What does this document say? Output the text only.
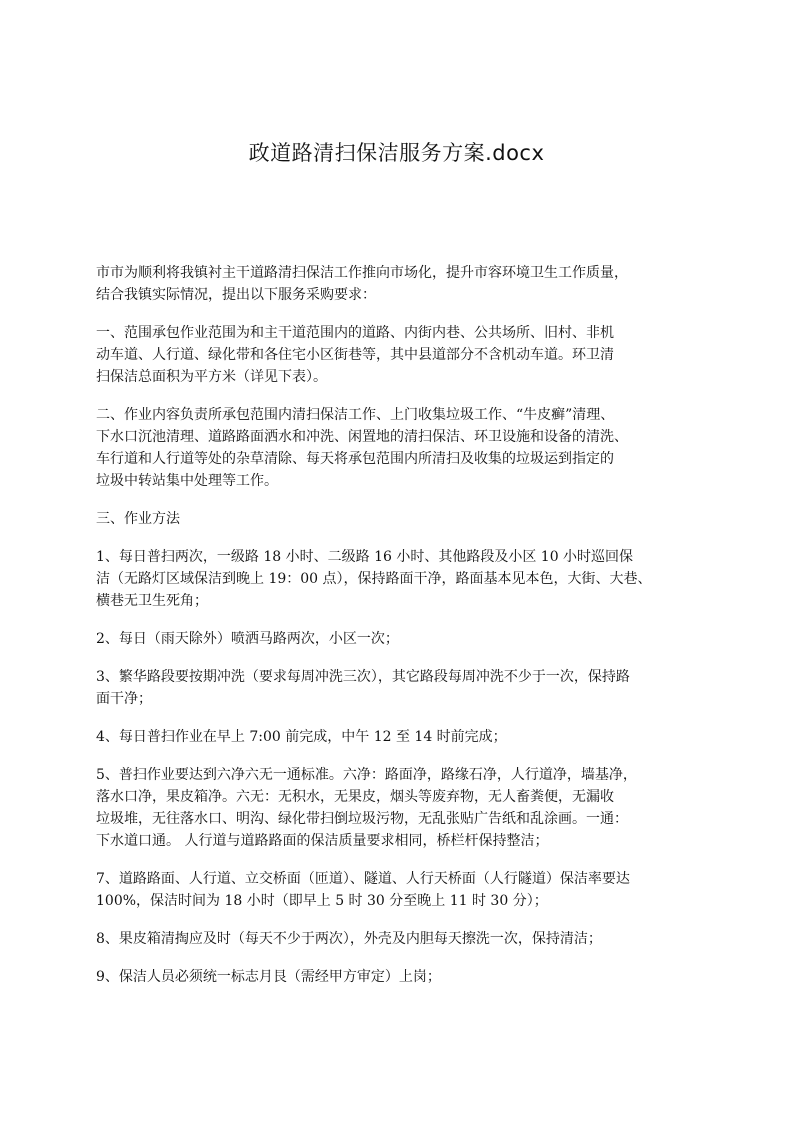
政道路清扫保洁服务方案.docx

市市为顺利将我镇衬主干道路清扫保洁工作推向市场化，提升市容环境卫生工作质量，
结合我镇实际情况，提出以下服务采购要求：

一、范围承包作业范围为和主干道范围内的道路、内街内巷、公共场所、旧村、非机
动车道、人行道、绿化带和各住宅小区街巷等，其中县道部分不含机动车道。环卫清
扫保洁总面积为平方米（详见下表）。

二、作业内容负责所承包范围内清扫保洁工作、上门收集垃圾工作、“牛皮癣”清理、
下水口沉池清理、道路路面洒水和冲洗、闲置地的清扫保洁、环卫设施和设备的清洗、
车行道和人行道等处的杂草清除、每天将承包范围内所清扫及收集的垃圾运到指定的
垃圾中转站集中处理等工作。

三、作业方法

1、每日普扫两次，一级路 18 小时、二级路 16 小时、其他路段及小区 10 小时巡回保
洁（无路灯区域保洁到晚上 19：00 点），保持路面干净，路面基本见本色，大街、大巷、
横巷无卫生死角；

2、每日（雨天除外）喷洒马路两次，小区一次；

3、繁华路段要按期冲洗（要求每周冲洗三次），其它路段每周冲洗不少于一次，保持路
面干净；

4、每日普扫作业在早上 7:00 前完成，中午 12 至 14 时前完成；

5、普扫作业要达到六净六无一通标准。六净：路面净，路缘石净，人行道净，墙基净，
落水口净，果皮箱净。六无：无积水，无果皮，烟头等废弃物，无人畜粪便，无漏收
垃圾堆，无往落水口、明沟、绿化带扫倒垃圾污物，无乱张贴广告纸和乱涂画。一通：
下水道口通。 人行道与道路路面的保洁质量要求相同，桥栏杆保持整洁；

7、道路路面、人行道、立交桥面（匝道）、隧道、人行天桥面（人行隧道）保洁率要达
100%，保洁时间为 18 小时（即早上 5 时 30 分至晚上 11 时 30 分）；

8、果皮箱清掏应及时（每天不少于两次），外壳及内胆每天擦洗一次，保持清洁；

9、保洁人员必须统一标志月艮（需经甲方审定）上岗；
